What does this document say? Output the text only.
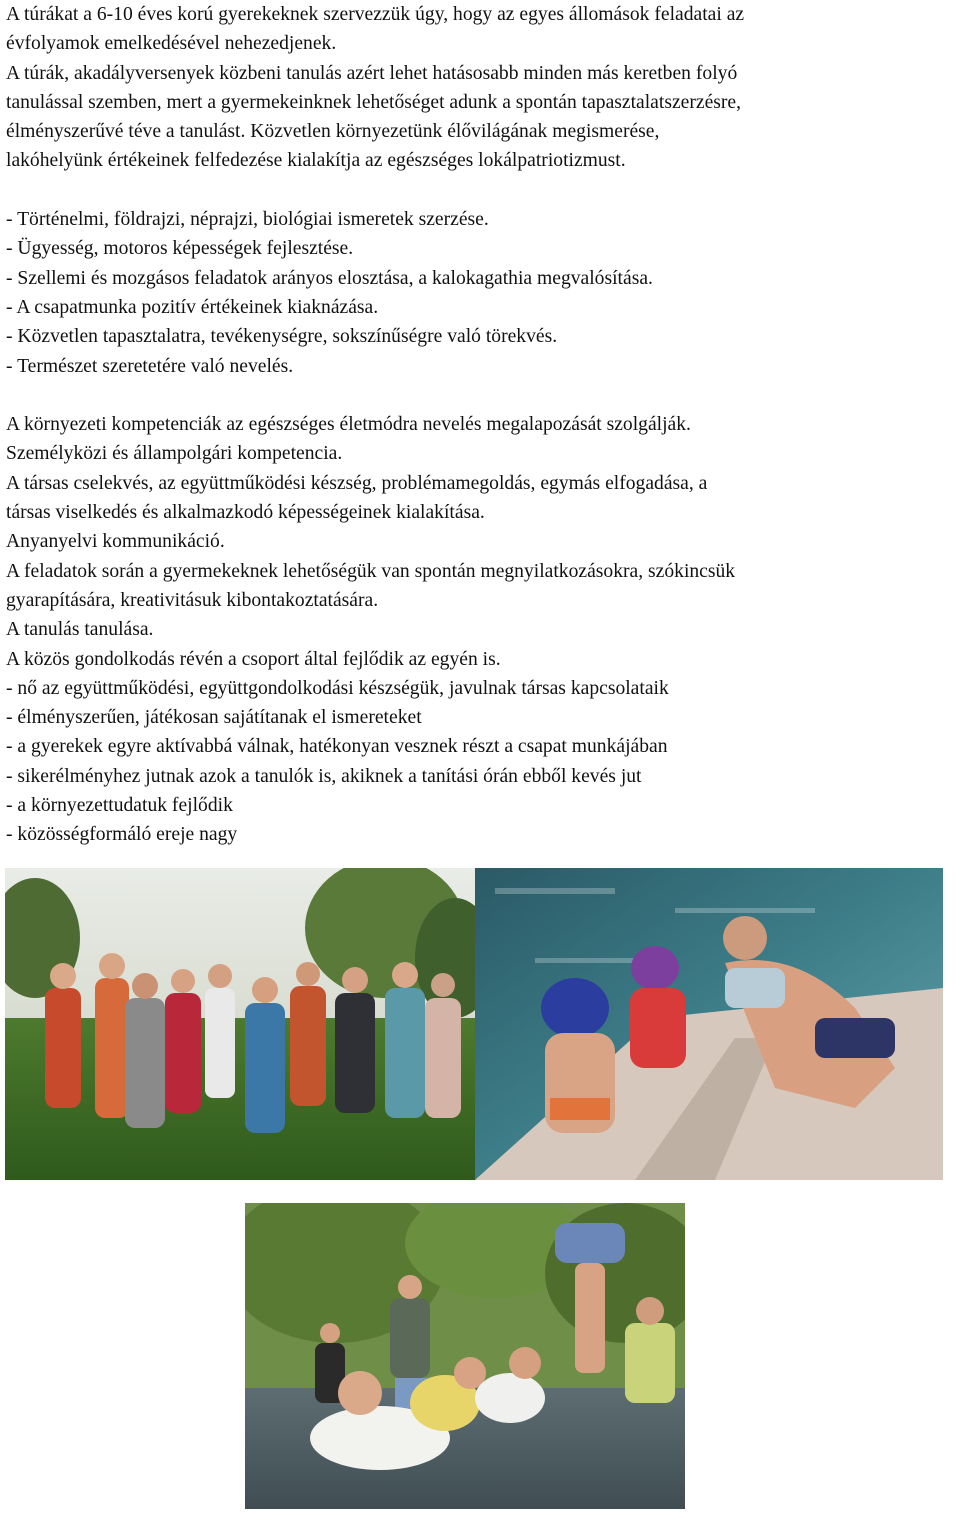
A túrákat a 6-10 éves korú gyerekeknek szervezzük úgy, hogy az egyes állomások feladatai az
évfolyamok emelkedésével nehezedjenek.
A túrák, akadályversenyek közbeni tanulás azért lehet hatásosabb minden más keretben folyó
tanulással szemben, mert a gyermekeinknek lehetőséget adunk a spontán tapasztalatszerzésre,
élményszerűvé téve a tanulást. Közvetlen környezetünk élővilágának megismerése,
lakóhelyünk értékeinek felfedezése kialakítja az egészséges lokálpatriotizmust.
- Történelmi, földrajzi, néprajzi, biológiai ismeretek szerzése.
- Ügyesség, motoros képességek fejlesztése.
- Szellemi és mozgásos feladatok arányos elosztása, a kalokagathia megvalósítása.
- A csapatmunka pozitív értékeinek kiaknázása.
- Közvetlen tapasztalatra, tevékenységre, sokszínűségre való törekvés.
- Természet szeretetére való nevelés.
A környezeti kompetenciák az egészséges életmódra nevelés megalapozását szolgálják.
Személyközi és állampolgári kompetencia.
A társas cselekvés, az együttműködési készség, problémamegoldás, egymás elfogadása, a
társas viselkedés és alkalmazkodó képességeinek kialakítása.
Anyanyelvi kommunikáció.
A feladatok során a gyermekeknek lehetőségük van spontán megnyilatkozásokra, szókincsük
gyarapítására, kreativitásuk kibontakoztatására.
A tanulás tanulása.
A közös gondolkodás révén a csoport által fejlődik az egyén is.
- nő az együttműködési, együttgondolkodási készségük, javulnak társas kapcsolataik
- élményszerűen, játékosan sajátítanak el ismereteket
- a gyerekek egyre aktívabbá válnak, hatékonyan vesznek részt a csapat munkájában
- sikerélményhez jutnak azok a tanulók is, akiknek a tanítási órán ebből kevés jut
- a környezettudatuk fejlődik
- közösségformáló ereje nagy
